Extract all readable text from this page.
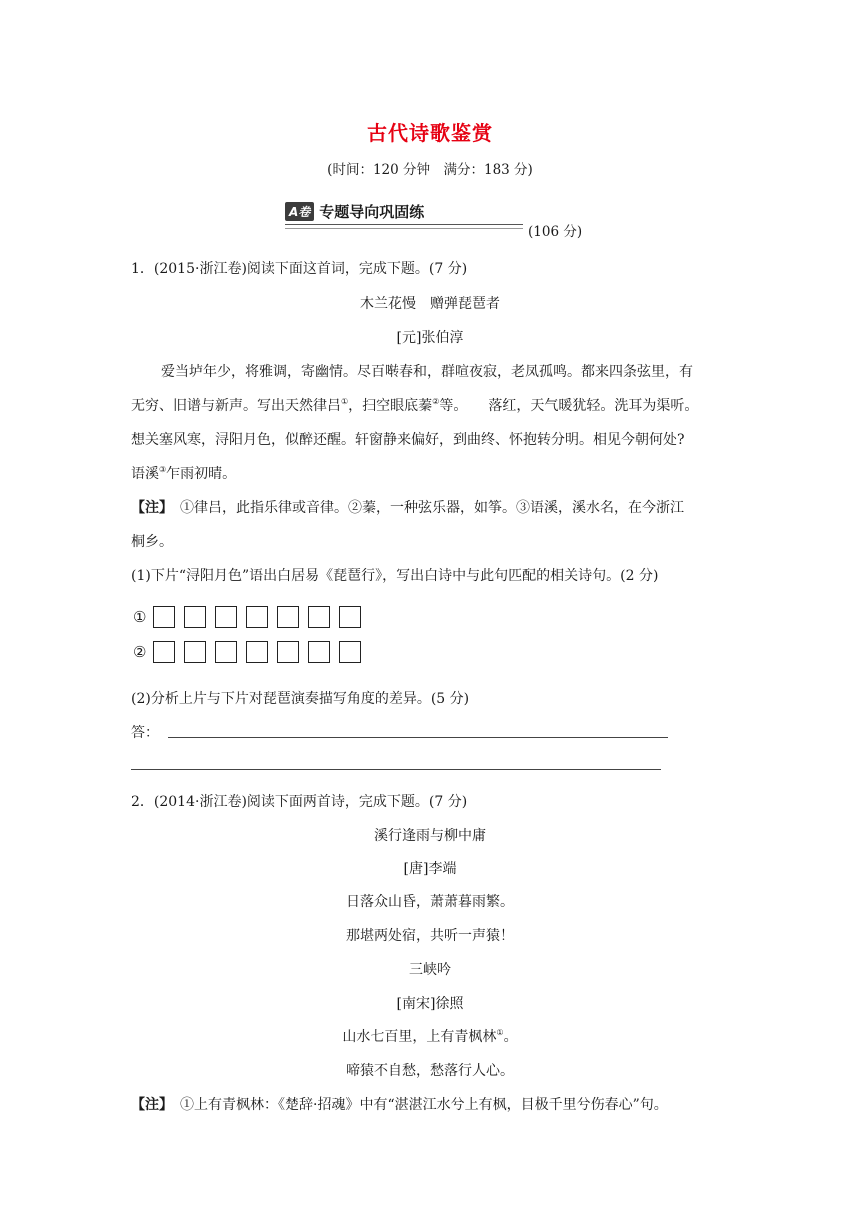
古代诗歌鉴赏
(时间：120 分钟　满分：183 分)
A卷 专题导向巩固练
(106 分)
1．(2015·浙江卷)阅读下面这首词，完成下题。(7 分)
木兰花慢　赠弹琵琶者
[元]张伯淳
爱当垆年少，将雅调，寄幽情。尽百啭春和，群喧夜寂，老凤孤鸣。都来四条弦里，有
无穷、旧谱与新声。写出天然律吕①，扫空眼底蓁②等。　　落红，天气暖犹轻。洗耳为渠听。
想关塞风寒，浔阳月色，似醉还醒。轩窗静来偏好，到曲终、怀抱转分明。相见今朝何处?
语溪③乍雨初晴。
【注】　 ①律吕，此指乐律或音律。②蓁，一种弦乐器，如筝。③语溪，溪水名，在今浙江
桐乡。
(1)下片“浔阳月色”语出白居易《琵琶行》，写出白诗中与此句匹配的相关诗句。(2 分)
①
②
(2)分析上片与下片对琵琶演奏描写角度的差异。(5 分)
答：
2．(2014·浙江卷)阅读下面两首诗，完成下题。(7 分)
溪行逢雨与柳中庸
[唐]李端
日落众山昏，萧萧暮雨繁。
那堪两处宿，共听一声猿！
三峡吟
[南宋]徐照
山水七百里，上有青枫林①。
啼猿不自愁，愁落行人心。
【注】　 ①上有青枫林：《楚辞·招魂》中有“湛湛江水兮上有枫，目极千里兮伤春心”句。
